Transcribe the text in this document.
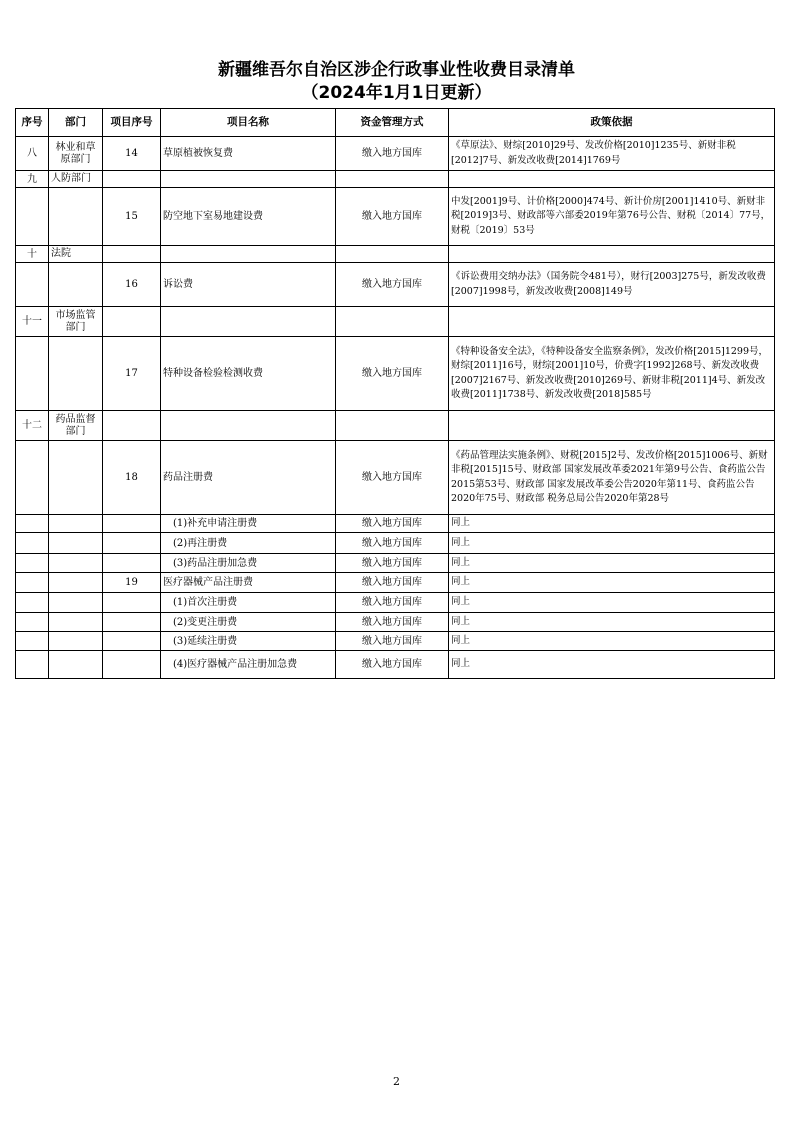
新疆维吾尔自治区涉企行政事业性收费目录清单
（2024年1月1日更新）
序号	部门	项目序号	项目名称	资金管理方式	政策依据
八	林业和草原部门	14	草原植被恢复费	缴入地方国库	《草原法》、财综[2010]29号、发改价格[2010]1235号、新财非税[2012]7号、新发改收费[2014]1769号
九	人防部门				
		15	防空地下室易地建设费	缴入地方国库	中发[2001]9号、计价格[2000]474号、新计价房[2001]1410号、新财非税[2019]3号、财政部等六部委2019年第76号公告、财税〔2014〕77号，财税〔2019〕53号
十	法院				
		16	诉讼费	缴入地方国库	《诉讼费用交纳办法》（国务院令481号），财行[2003]275号，新发改收费[2007]1998号，新发改收费[2008]149号
十一	市场监管部门				
		17	特种设备检验检测收费	缴入地方国库	《特种设备安全法》，《特种设备安全监察条例》，发改价格[2015]1299号，财综[2011]16号，财综[2001]10号，价费字[1992]268号、新发改收费[2007]2167号、新发改收费[2010]269号、新财非税[2011]4号、新发改收费[2011]1738号、新发改收费[2018]585号
十二	药品监督部门				
		18	药品注册费	缴入地方国库	《药品管理法实施条例》、财税[2015]2号、发改价格[2015]1006号、新财非税[2015]15号、财政部 国家发展改革委2021年第9号公告、食药监公告2015第53号、财政部 国家发展改革委公告2020年第11号、食药监公告2020年75号、财政部 税务总局公告2020年第28号
			(1)补充申请注册费	缴入地方国库	同上
			(2)再注册费	缴入地方国库	同上
			(3)药品注册加急费	缴入地方国库	同上
		19	医疗器械产品注册费	缴入地方国库	同上
			(1)首次注册费	缴入地方国库	同上
			(2)变更注册费	缴入地方国库	同上
			(3)延续注册费	缴入地方国库	同上
			(4)医疗器械产品注册加急费	缴入地方国库	同上
2
